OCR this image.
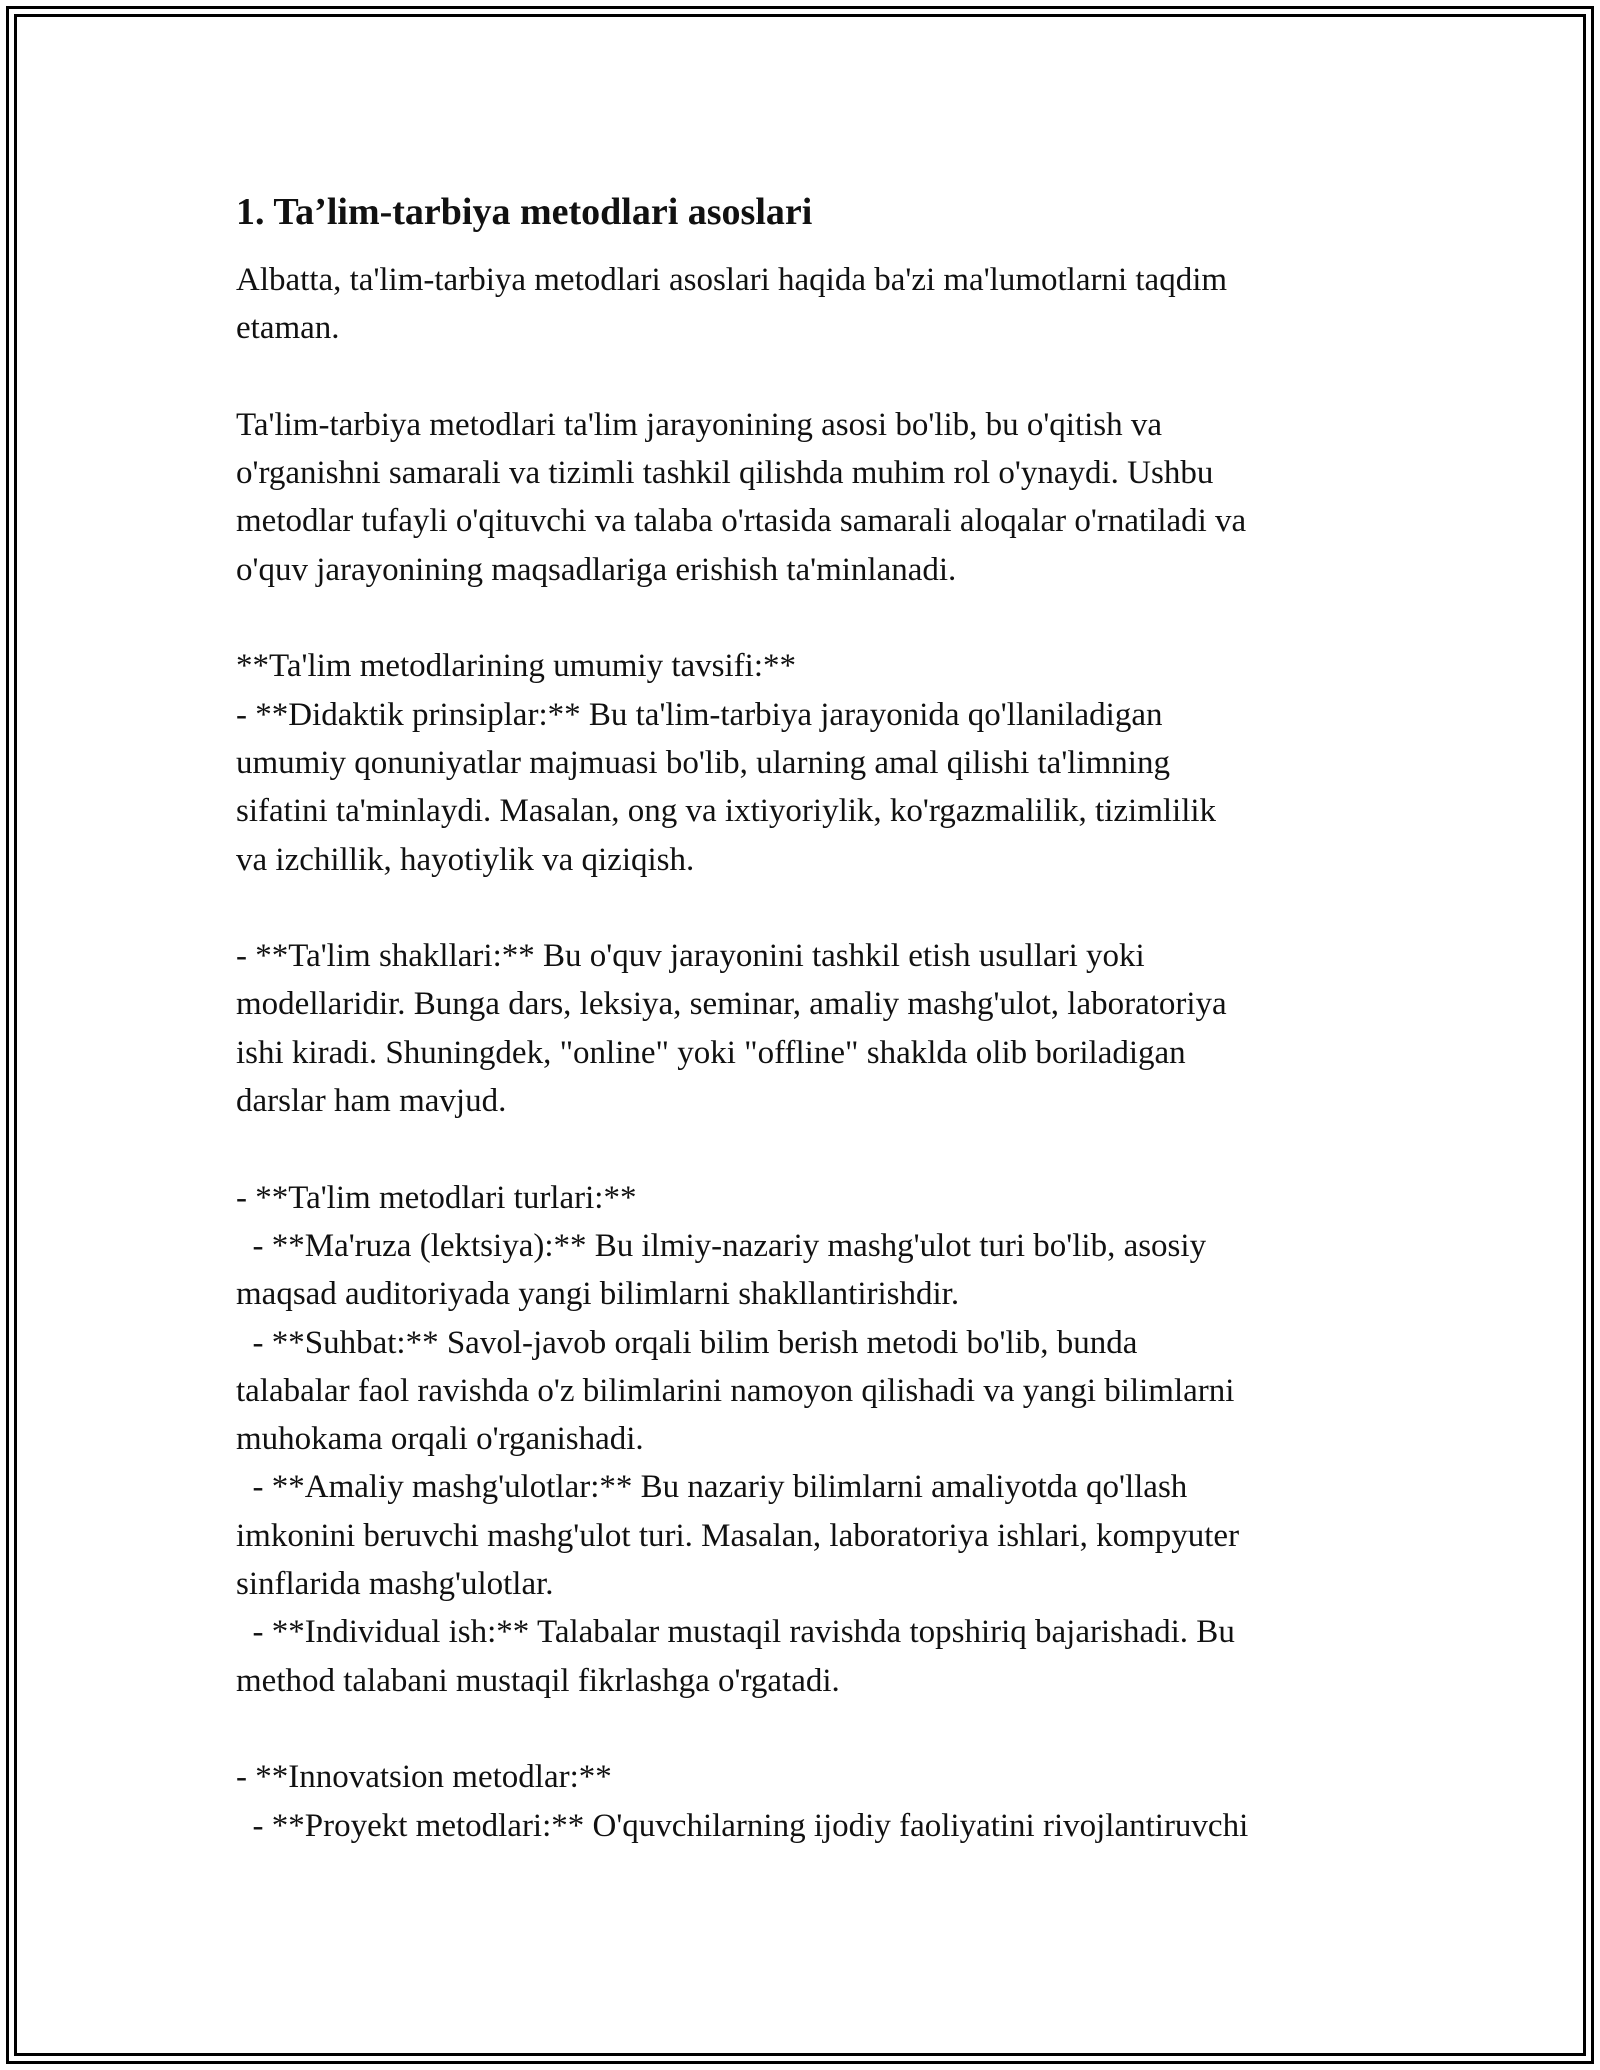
1. Ta’lim-tarbiya metodlari asoslari
Albatta, ta'lim-tarbiya metodlari asoslari haqida ba'zi ma'lumotlarni taqdim
etaman.
Ta'lim-tarbiya metodlari ta'lim jarayonining asosi bo'lib, bu o'qitish va
o'rganishni samarali va tizimli tashkil qilishda muhim rol o'ynaydi. Ushbu
metodlar tufayli o'qituvchi va talaba o'rtasida samarali aloqalar o'rnatiladi va
o'quv jarayonining maqsadlariga erishish ta'minlanadi.
**Ta'lim metodlarining umumiy tavsifi:**
- **Didaktik prinsiplar:** Bu ta'lim-tarbiya jarayonida qo'llaniladigan
umumiy qonuniyatlar majmuasi bo'lib, ularning amal qilishi ta'limning
sifatini ta'minlaydi. Masalan, ong va ixtiyoriylik, ko'rgazmalilik, tizimlilik
va izchillik, hayotiylik va qiziqish.
- **Ta'lim shakllari:** Bu o'quv jarayonini tashkil etish usullari yoki
modellaridir. Bunga dars, leksiya, seminar, amaliy mashg'ulot, laboratoriya
ishi kiradi. Shuningdek, "online" yoki "offline" shaklda olib boriladigan
darslar ham mavjud.
- **Ta'lim metodlari turlari:**
- **Ma'ruza (lektsiya):** Bu ilmiy-nazariy mashg'ulot turi bo'lib, asosiy
maqsad auditoriyada yangi bilimlarni shakllantirishdir.
- **Suhbat:** Savol-javob orqali bilim berish metodi bo'lib, bunda
talabalar faol ravishda o'z bilimlarini namoyon qilishadi va yangi bilimlarni
muhokama orqali o'rganishadi.
- **Amaliy mashg'ulotlar:** Bu nazariy bilimlarni amaliyotda qo'llash
imkonini beruvchi mashg'ulot turi. Masalan, laboratoriya ishlari, kompyuter
sinflarida mashg'ulotlar.
- **Individual ish:** Talabalar mustaqil ravishda topshiriq bajarishadi. Bu
method talabani mustaqil fikrlashga o'rgatadi.
- **Innovatsion metodlar:**
- **Proyekt metodlari:** O'quvchilarning ijodiy faoliyatini rivojlantiruvchi
